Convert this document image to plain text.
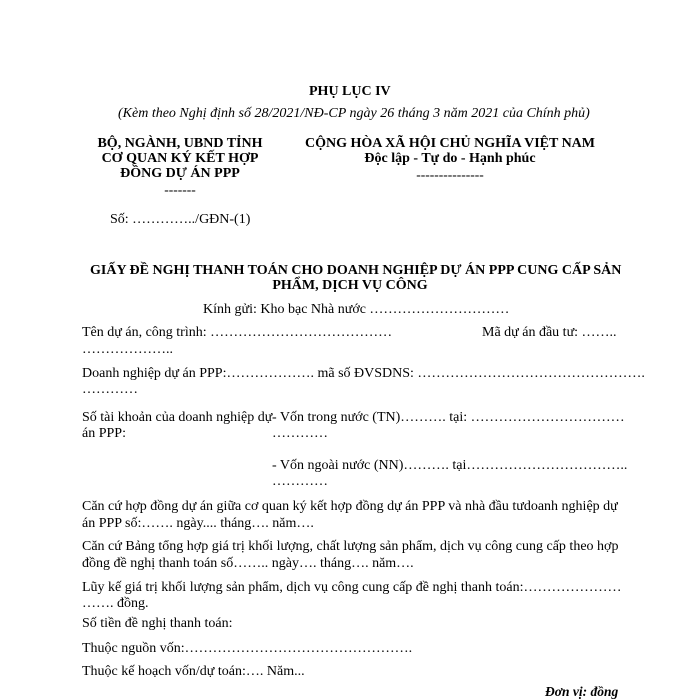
PHỤ LỤC IV
(Kèm theo Nghị định số 28/2021/NĐ-CP ngày 26 tháng 3 năm 2021 của Chính phủ)
BỘ, NGÀNH, UBND TỈNH
CƠ QUAN KÝ KẾT HỢP
ĐỒNG DỰ ÁN PPP
-------
CỘNG HÒA XÃ HỘI CHỦ NGHĨA VIỆT NAM
Độc lập - Tự do - Hạnh phúc
---------------
Số: …………../GĐN-(1)
GIẤY ĐỀ NGHỊ THANH TOÁN CHO DOANH NGHIỆP DỰ ÁN PPP CUNG CẤP SẢN
PHẨM, DỊCH VỤ CÔNG
Kính gửi: Kho bạc Nhà nước …………………………
Tên dự án, công trình: …………………………………	Mã dự án đầu tư: ……..
………………..
Doanh nghiệp dự án PPP:………………. mã số ĐVSDNS: ………………………………………….
…………
Số tài khoản của doanh nghiệp dự
án PPP:
- Vốn trong nước (TN)………. tại: ……………………………
…………
- Vốn ngoài nước (NN)………. tại……………………………..
…………
Căn cứ hợp đồng dự án giữa cơ quan ký kết hợp đồng dự án PPP và nhà đầu tưdoanh nghiệp dự
án PPP số:……. ngày.... tháng…. năm….
Căn cứ Bảng tổng hợp giá trị khối lượng, chất lượng sản phẩm, dịch vụ công cung cấp theo hợp
đồng đề nghị thanh toán số…….. ngày…. tháng…. năm….
Lũy kế giá trị khối lượng sản phẩm, dịch vụ công cung cấp đề nghị thanh toán:…………………
……. đồng.
Số tiền đề nghị thanh toán:
Thuộc nguồn vốn:………………………………………….
Thuộc kế hoạch vốn/dự toán:…. Năm...
Đơn vị: đồng
